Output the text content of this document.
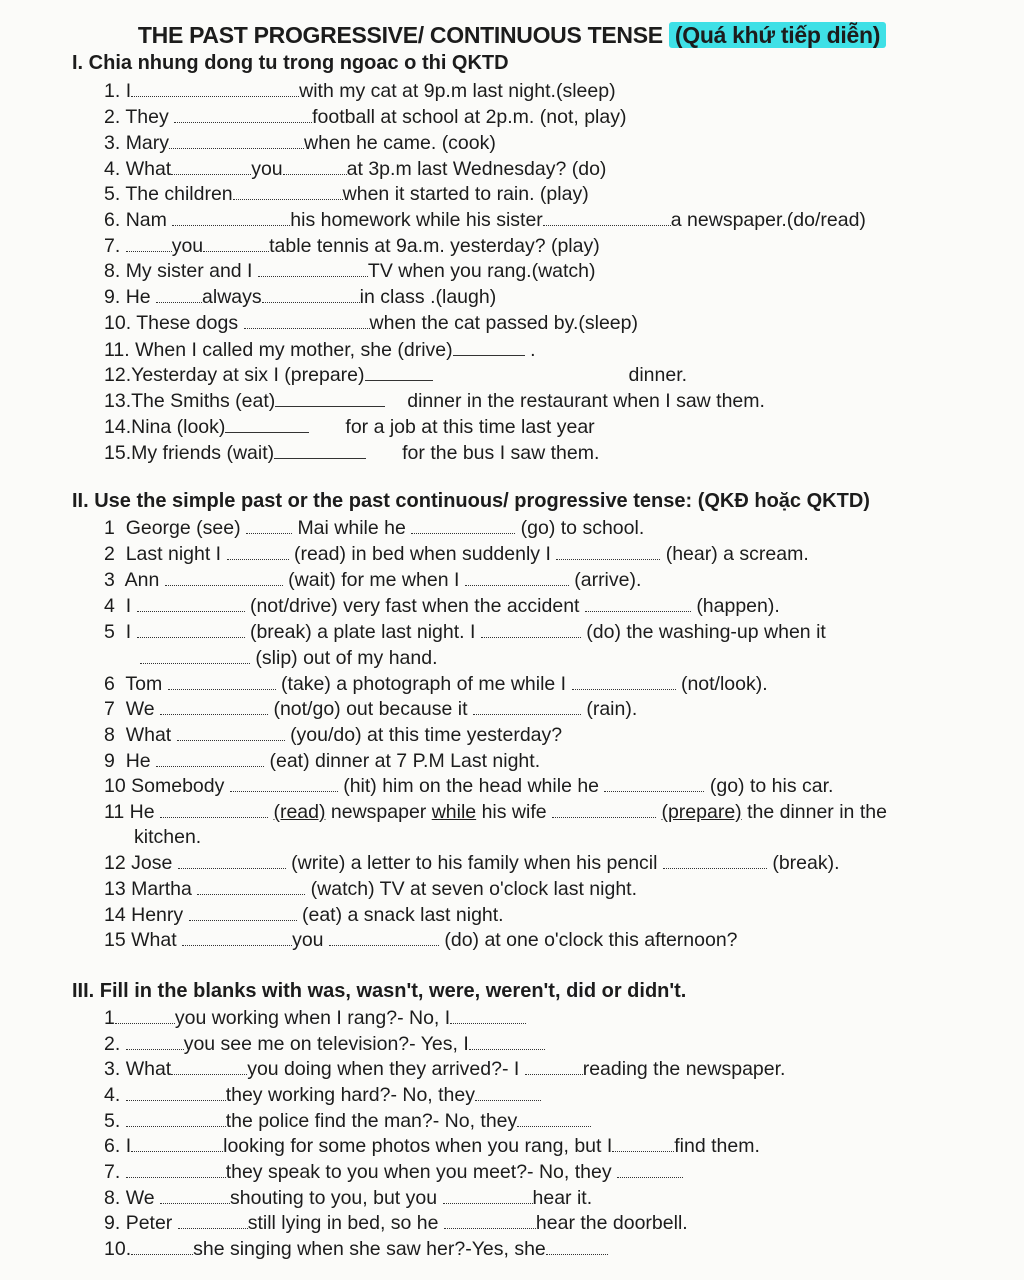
THE PAST PROGRESSIVE/ CONTINUOUS TENSE (Quá khứ tiếp diễn)
I. Chia nhung dong tu trong ngoac o thi QKTD
1. I	with my cat at 9p.m last night.(sleep)
2. They	football at school at 2p.m. (not, play)
3. Mary	when he came. (cook)
4. What	you	at 3p.m last Wednesday? (do)
5. The children	when it started to rain. (play)
6. Nam	his homework while his sister	a newspaper.(do/read)
7.	you	table tennis at 9a.m. yesterday? (play)
8. My sister and I	TV when you rang.(watch)
9. He	always	in class .(laugh)
10. These dogs	when the cat passed by.(sleep)
11. When I called my mother, she (drive)	.
12.Yesterday at six I (prepare)	dinner.
13.The Smiths (eat)	dinner in the restaurant when I saw them.
14.Nina (look)	for a job at this time last year
15.My friends (wait)	for the bus I saw them.
II. Use the simple past or the past continuous/ progressive tense: (QKĐ hoặc QKTD)
1 George (see)	Mai while he	(go) to school.
2 Last night I	(read) in bed when suddenly I	(hear) a scream.
3 Ann	(wait) for me when I	(arrive).
4 I	(not/drive) very fast when the accident	(happen).
5 I	(break) a plate last night. I	(do) the washing-up when it
(slip) out of my hand.
6 Tom	(take) a photograph of me while I	(not/look).
7 We	(not/go) out because it	(rain).
8 What	(you/do) at this time yesterday?
9 He	(eat) dinner at 7 P.M Last night.
10 Somebody	(hit) him on the head while he	(go) to his car.
11 He	(read) newspaper while his wife	(prepare) the dinner in the
kitchen.
12 Jose	(write) a letter to his family when his pencil	(break).
13 Martha	(watch) TV at seven o'clock last night.
14 Henry	(eat) a snack last night.
15 What	you	(do) at one o'clock this afternoon?
III. Fill in the blanks with was, wasn't, were, weren't, did or didn't.
1	you working when I rang?- No, I
2.	you see me on television?- Yes, I
3. What	you doing when they arrived?- I	reading the newspaper.
4.	they working hard?- No, they
5.	the police find the man?- No, they
6. I	looking for some photos when you rang, but I	find them.
7.	they speak to you when you meet?- No, they
8. We	shouting to you, but you	hear it.
9. Peter	still lying in bed, so he	hear the doorbell.
10.	she singing when she saw her?-Yes, she
